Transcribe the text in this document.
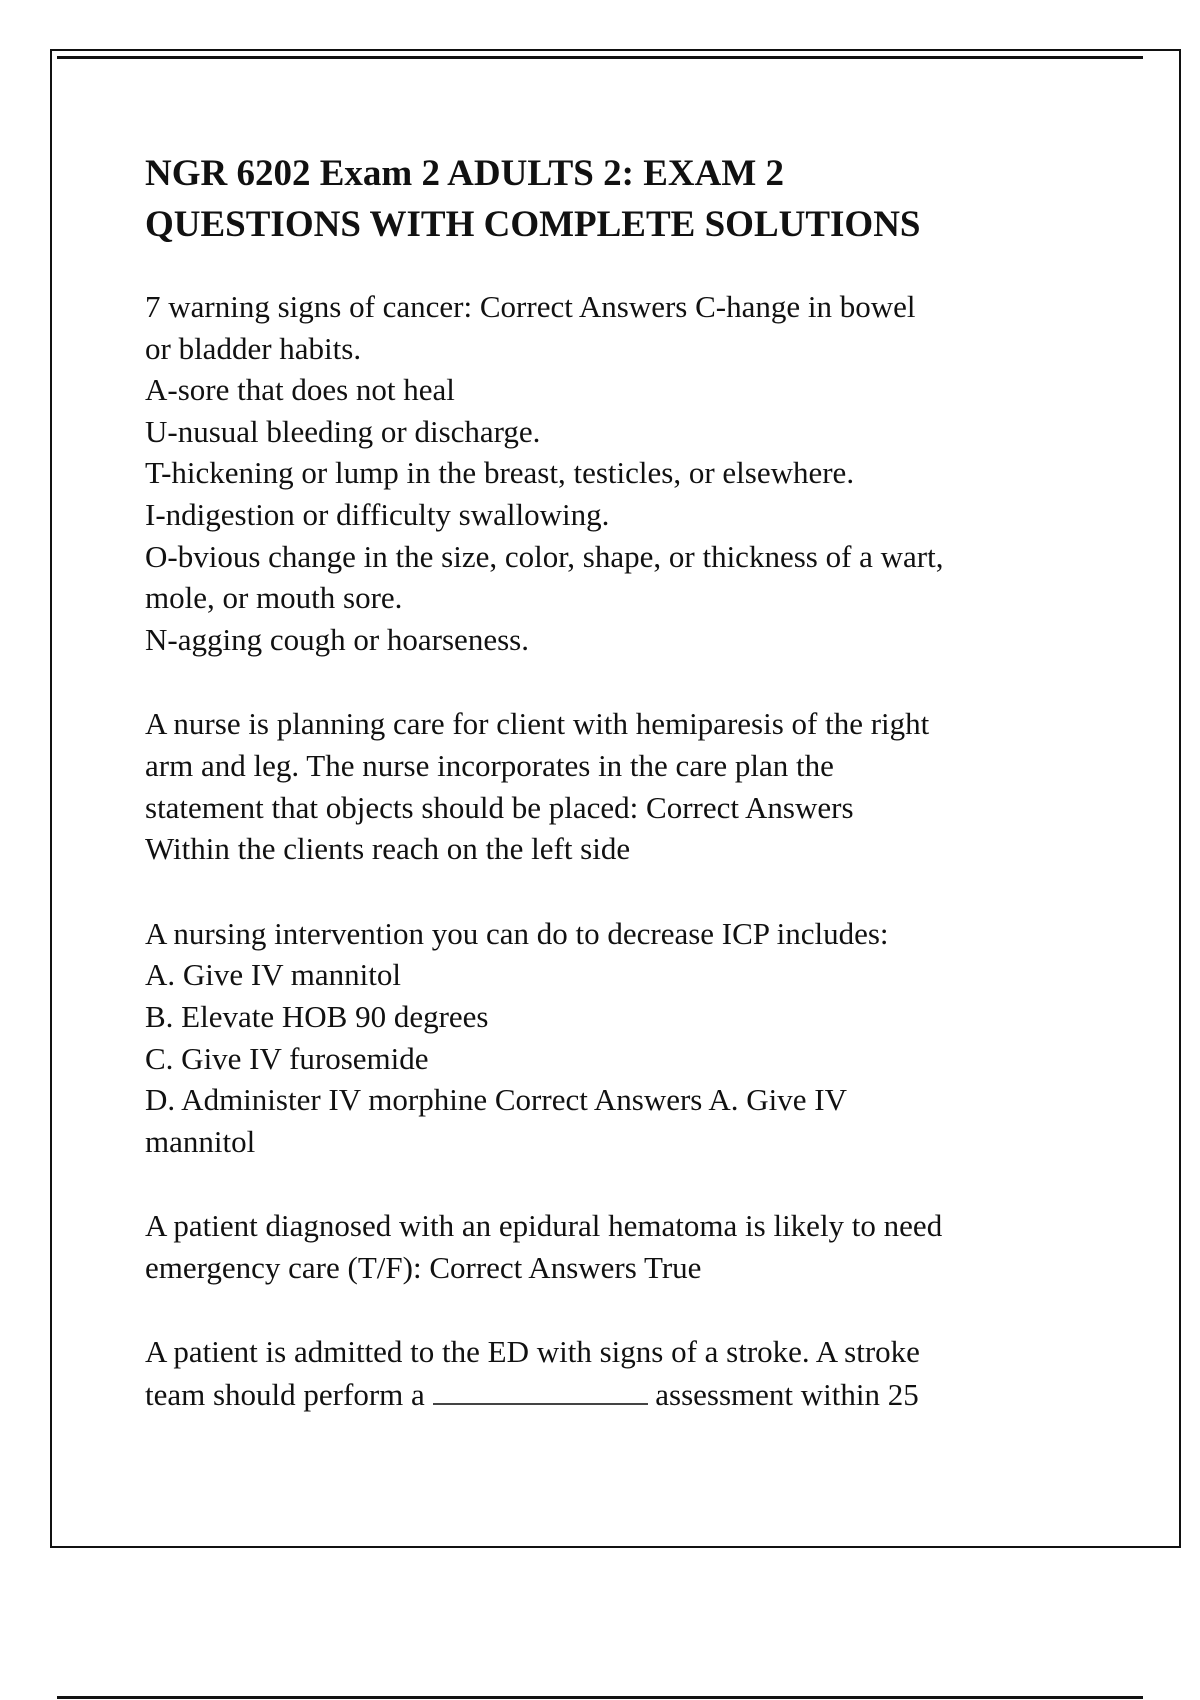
NGR 6202 Exam 2 ADULTS 2: EXAM 2
QUESTIONS WITH COMPLETE SOLUTIONS
7 warning signs of cancer: Correct Answers C-hange in bowel
or bladder habits.
A-sore that does not heal
U-nusual bleeding or discharge.
T-hickening or lump in the breast, testicles, or elsewhere.
I-ndigestion or difficulty swallowing.
O-bvious change in the size, color, shape, or thickness of a wart,
mole, or mouth sore.
N-agging cough or hoarseness.
A nurse is planning care for client with hemiparesis of the right
arm and leg. The nurse incorporates in the care plan the
statement that objects should be placed: Correct Answers
Within the clients reach on the left side
A nursing intervention you can do to decrease ICP includes:
A. Give IV mannitol
B. Elevate HOB 90 degrees
C. Give IV furosemide
D. Administer IV morphine Correct Answers A. Give IV
mannitol
A patient diagnosed with an epidural hematoma is likely to need
emergency care (T/F): Correct Answers True
A patient is admitted to the ED with signs of a stroke. A stroke
team should perform a	assessment within 25
